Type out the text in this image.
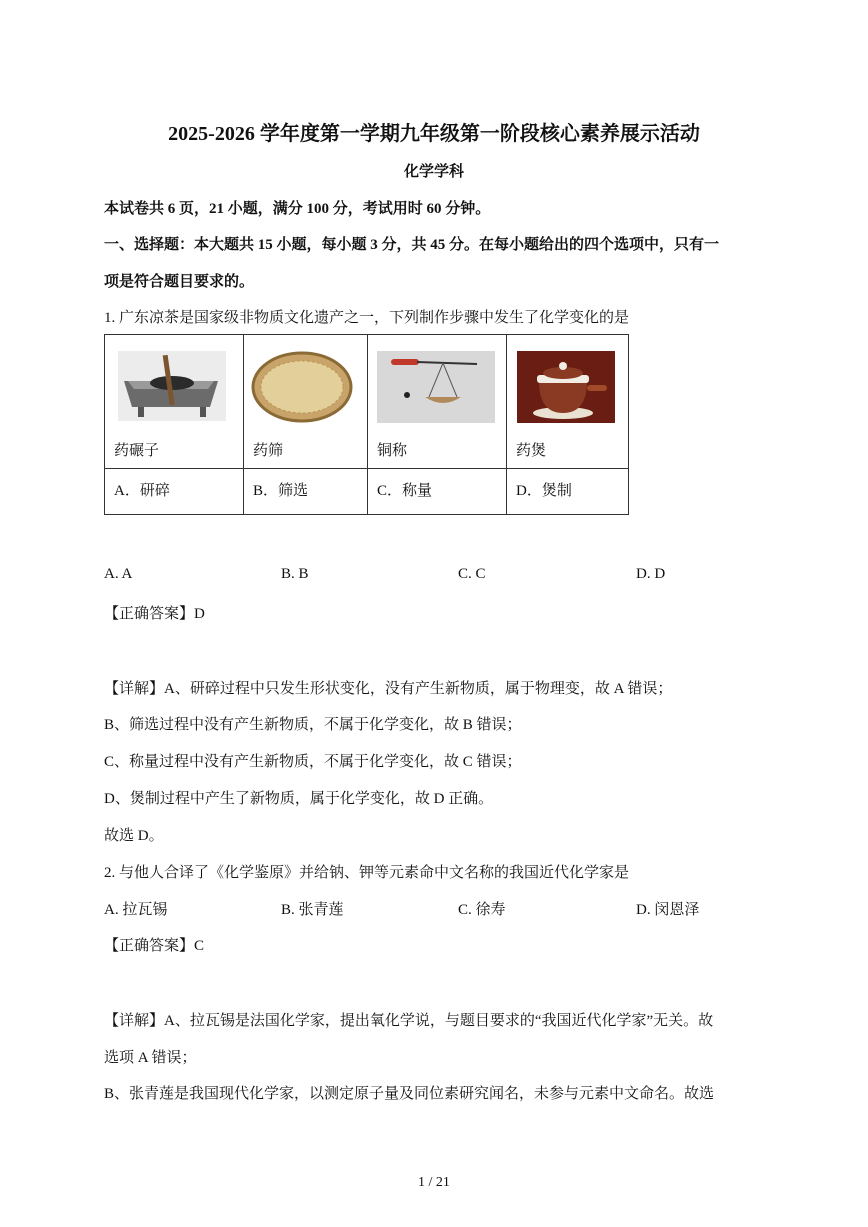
2025-2026 学年度第一学期九年级第一阶段核心素养展示活动
化学学科
本试卷共 6 页，21 小题，满分 100 分，考试用时 60 分钟。
一、选择题：本大题共 15 小题，每小题 3 分，共 45 分。在每小题给出的四个选项中，只有一
项是符合题目要求的。
1. 广东凉茶是国家级非物质文化遗产之一，下列制作步骤中发生了化学变化的是
药碾子	药筛	铜称	药煲

A．研碎	B．筛选	C．称量	D．煲制
A. A	B. B	C. C	D. D
【正确答案】D
【详解】A、研碎过程中只发生形状变化，没有产生新物质，属于物理变，故 A 错误；
B、筛选过程中没有产生新物质，不属于化学变化，故 B 错误；
C、称量过程中没有产生新物质，不属于化学变化，故 C 错误；
D、煲制过程中产生了新物质，属于化学变化，故 D 正确。
故选 D。
2. 与他人合译了《化学鉴原》并给钠、钾等元素命中文名称的我国近代化学家是
A. 拉瓦锡	B. 张青莲	C. 徐寿	D. 闵恩泽
【正确答案】C
【详解】A、拉瓦锡是法国化学家，提出氧化学说，与题目要求的“我国近代化学家”无关。故
选项 A 错误；
B、张青莲是我国现代化学家，以测定原子量及同位素研究闻名，未参与元素中文命名。故选
1 / 21
